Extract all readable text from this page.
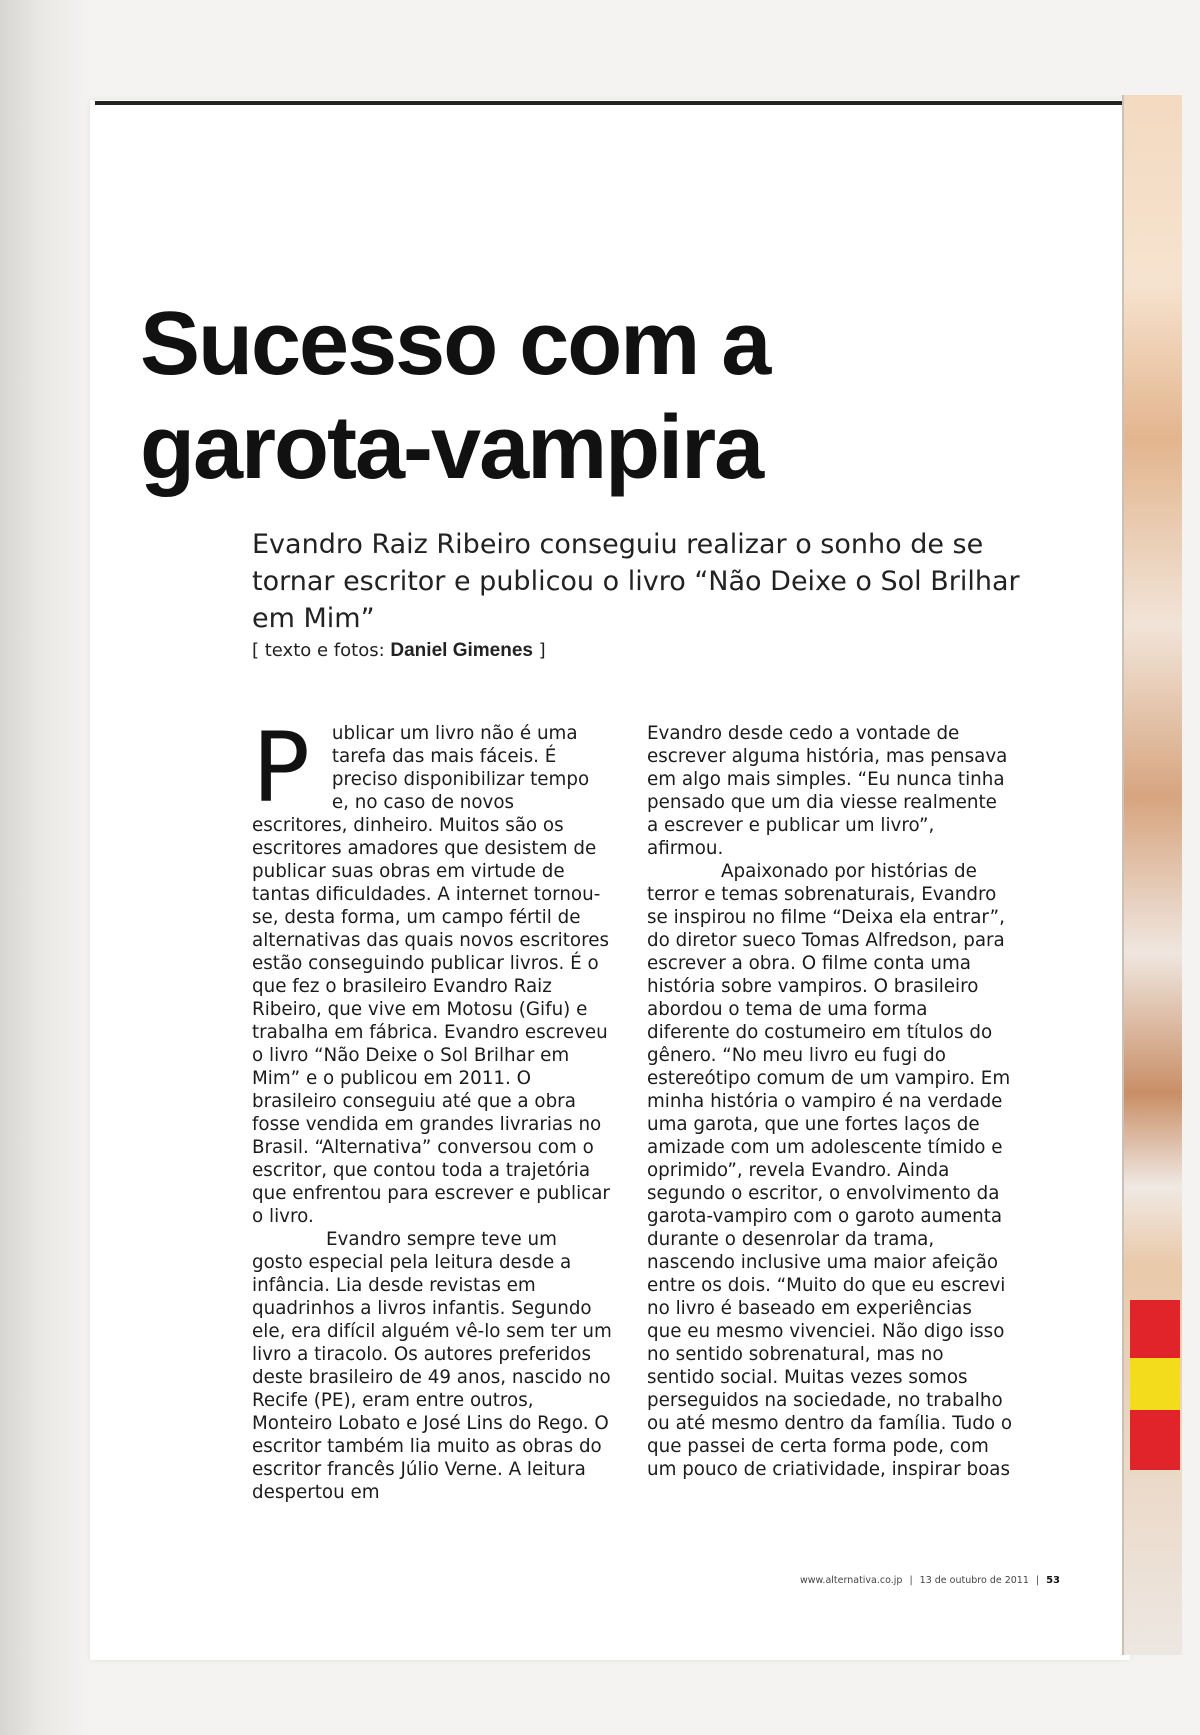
Sucesso com a
garota-vampira

Evandro Raiz Ribeiro conseguiu realizar o sonho de se tornar escritor e publicou o livro “Não Deixe o Sol Brilhar em Mim”

[ texto e fotos: Daniel Gimenes ]

P ublicar um livro não é uma tarefa das mais fáceis. É preciso disponibilizar tempo e, no caso de novos escritores, dinheiro. Muitos são os escritores amadores que desistem de publicar suas obras em virtude de tantas dificuldades. A internet tornou-se, desta forma, um campo fértil de alternativas das quais novos escritores estão conseguindo publicar livros. É o que fez o brasileiro Evandro Raiz Ribeiro, que vive em Motosu (Gifu) e trabalha em fábrica. Evandro escreveu o livro “Não Deixe o Sol Brilhar em Mim” e o publicou em 2011. O brasileiro conseguiu até que a obra fosse vendida em grandes livrarias no Brasil. “Alternativa” conversou com o escritor, que contou toda a trajetória que enfrentou para escrever e publicar o livro.

Evandro sempre teve um gosto especial pela leitura desde a infância. Lia desde revistas em quadrinhos a livros infantis. Segundo ele, era difícil alguém vê-lo sem ter um livro a tiracolo. Os autores preferidos deste brasileiro de 49 anos, nascido no Recife (PE), eram entre outros, Monteiro Lobato e José Lins do Rego. O escritor também lia muito as obras do escritor francês Júlio Verne. A leitura despertou em

Evandro desde cedo a vontade de escrever alguma história, mas pensava em algo mais simples. “Eu nunca tinha pensado que um dia viesse realmente a escrever e publicar um livro”, afirmou.

Apaixonado por histórias de terror e temas sobrenaturais, Evandro se inspirou no filme “Deixa ela entrar”, do diretor sueco Tomas Alfredson, para escrever a obra. O filme conta uma história sobre vampiros. O brasileiro abordou o tema de uma forma diferente do costumeiro em títulos do gênero. “No meu livro eu fugi do estereótipo comum de um vampiro. Em minha história o vampiro é na verdade uma garota, que une fortes laços de amizade com um adolescente tímido e oprimido”, revela Evandro. Ainda segundo o escritor, o envolvimento da garota-vampiro com o garoto aumenta durante o desenrolar da trama, nascendo inclusive uma maior afeição entre os dois. “Muito do que eu escrevi no livro é baseado em experiências que eu mesmo vivenciei. Não digo isso no sentido sobrenatural, mas no sentido social. Muitas vezes somos perseguidos na sociedade, no trabalho ou até mesmo dentro da família. Tudo o que passei de certa forma pode, com um pouco de criatividade, inspirar boas

www.alternativa.co.jp | 13 de outubro de 2011 | 53
